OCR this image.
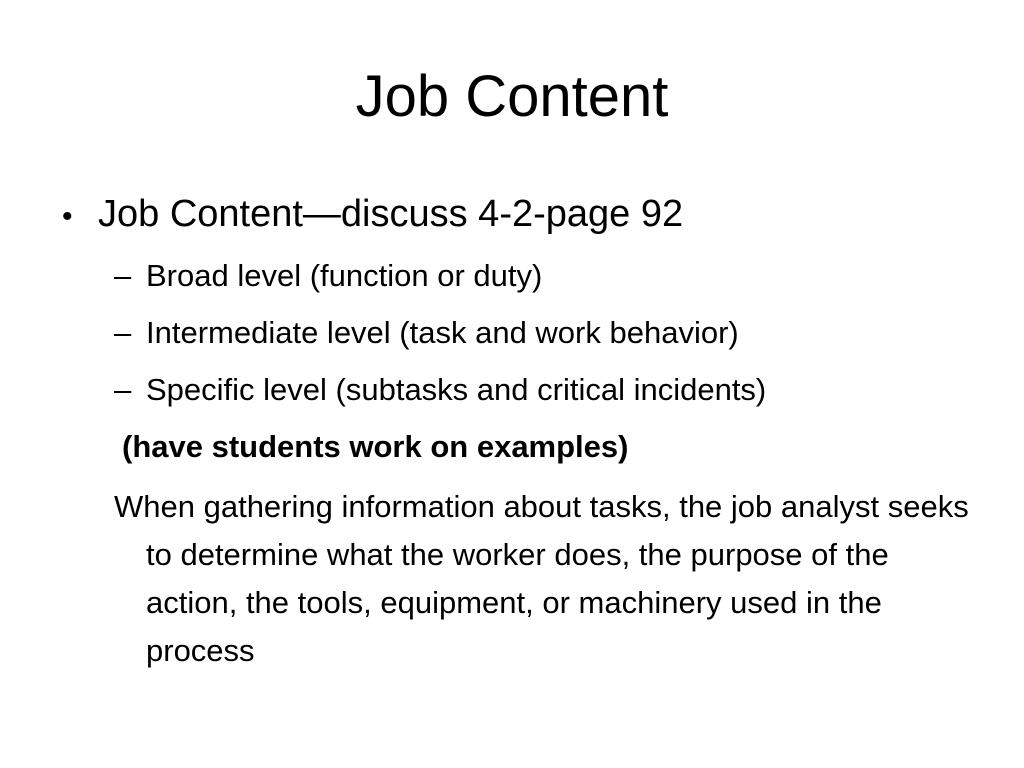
Job Content
• Job Content—discuss 4-2-page 92
– Broad level (function or duty)
– Intermediate level (task and work behavior)
– Specific level (subtasks and critical incidents)
(have students work on examples)
When gathering information about tasks, the job analyst seeks to determine what the worker does, the purpose of the action, the tools, equipment, or machinery used in the process
